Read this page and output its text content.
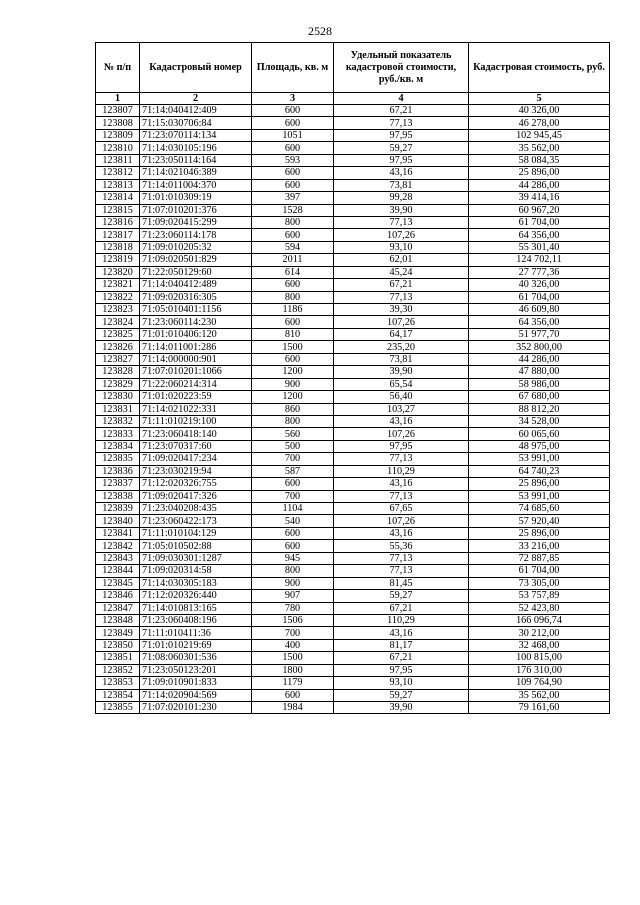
2528
№ п/п	Кадастровый номер	Площадь, кв. м	Удельный показатель кадастровой стоимости, руб./кв. м	Кадастровая стоимость, руб.
1	2	3	4	5
123807	71:14:040412:409	600	67,21	40 326,00
123808	71:15:030706:84	600	77,13	46 278,00
123809	71:23:070114:134	1051	97,95	102 945,45
123810	71:14:030105:196	600	59,27	35 562,00
123811	71:23:050114:164	593	97,95	58 084,35
123812	71:14:021046:389	600	43,16	25 896,00
123813	71:14:011004:370	600	73,81	44 286,00
123814	71:01:010309:19	397	99,28	39 414,16
123815	71:07:010201:376	1528	39,90	60 967,20
123816	71:09:020415:299	800	77,13	61 704,00
123817	71:23:060114:178	600	107,26	64 356,00
123818	71:09:010205:32	594	93,10	55 301,40
123819	71:09:020501:829	2011	62,01	124 702,11
123820	71:22:050129:60	614	45,24	27 777,36
123821	71:14:040412:489	600	67,21	40 326,00
123822	71:09:020316:305	800	77,13	61 704,00
123823	71:05:010401:1156	1186	39,30	46 609,80
123824	71:23:060114:230	600	107,26	64 356,00
123825	71:01:010406:120	810	64,17	51 977,70
123826	71:14:011001:286	1500	235,20	352 800,00
123827	71:14:000000:901	600	73,81	44 286,00
123828	71:07:010201:1066	1200	39,90	47 880,00
123829	71:22:060214:314	900	65,54	58 986,00
123830	71:01:020223:59	1200	56,40	67 680,00
123831	71:14:021022:331	860	103,27	88 812,20
123832	71:11:010219:100	800	43,16	34 528,00
123833	71:23:060418:140	560	107,26	60 065,60
123834	71:23:070317:60	500	97,95	48 975,00
123835	71:09:020417:234	700	77,13	53 991,00
123836	71:23:030219:94	587	110,29	64 740,23
123837	71:12:020326:755	600	43,16	25 896,00
123838	71:09:020417:326	700	77,13	53 991,00
123839	71:23:040208:435	1104	67,65	74 685,60
123840	71:23:060422:173	540	107,26	57 920,40
123841	71:11:010104:129	600	43,16	25 896,00
123842	71:05:010502:88	600	55,36	33 216,00
123843	71:09:030301:1287	945	77,13	72 887,85
123844	71:09:020314:58	800	77,13	61 704,00
123845	71:14:030305:183	900	81,45	73 305,00
123846	71:12:020326:440	907	59,27	53 757,89
123847	71:14:010813:165	780	67,21	52 423,80
123848	71:23:060408:196	1506	110,29	166 096,74
123849	71:11:010411:36	700	43,16	30 212,00
123850	71:01:010219:69	400	81,17	32 468,00
123851	71:08:060301:536	1500	67,21	100 815,00
123852	71:23:050123:201	1800	97,95	176 310,00
123853	71:09:010901:833	1179	93,10	109 764,90
123854	71:14:020904:569	600	59,27	35 562,00
123855	71:07:020101:230	1984	39,90	79 161,60
